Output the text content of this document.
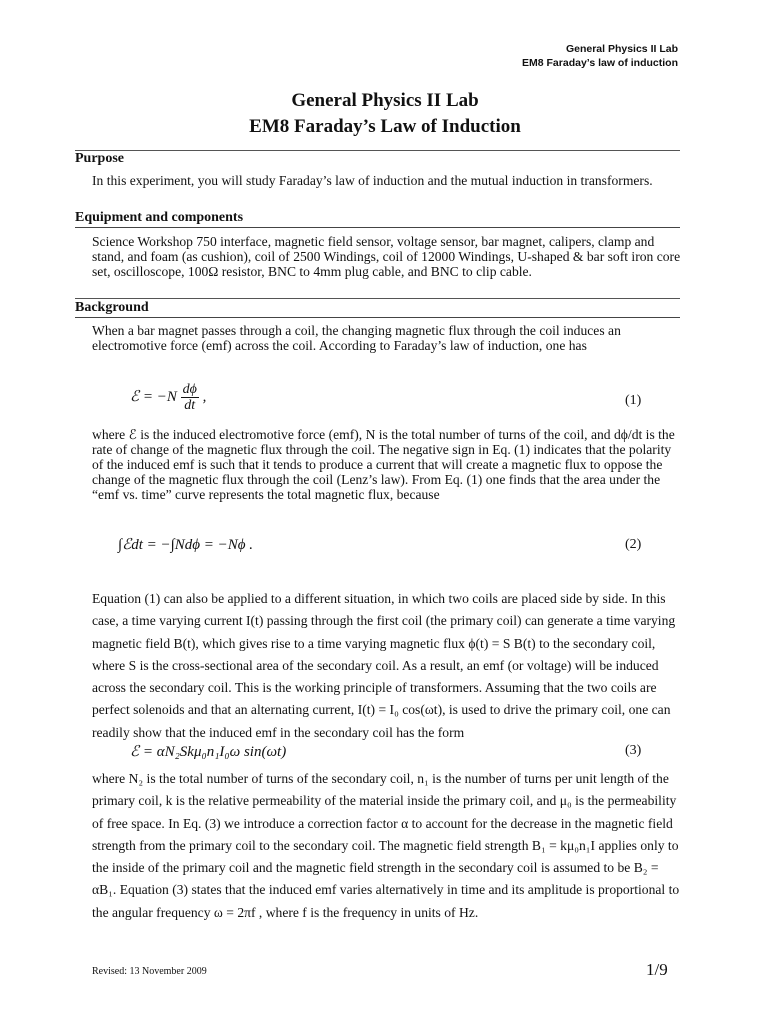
General Physics II Lab
EM8 Faraday’s law of induction
General Physics II Lab
EM8 Faraday’s Law of Induction
Purpose
In this experiment, you will study Faraday’s law of induction and the mutual induction in transformers.
Equipment and components
Science Workshop 750 interface, magnetic field sensor, voltage sensor, bar magnet, calipers, clamp and stand, and foam (as cushion), coil of 2500 Windings, coil of 12000 Windings, U-shaped & bar soft iron core set, oscilloscope, 100Ω resistor, BNC to 4mm plug cable, and BNC to clip cable.
Background
When a bar magnet passes through a coil, the changing magnetic flux through the coil induces an electromotive force (emf) across the coil. According to Faraday’s law of induction, one has
ℰ = $-N \frac{d\phi}{dt}$ ,	(1)
where ℰ is the induced electromotive force (emf), N is the total number of turns of the coil, and dϕ/dt is the rate of change of the magnetic flux through the coil. The negative sign in Eq. (1) indicates that the polarity of the induced emf is such that it tends to produce a current that will create a magnetic flux to oppose the change of the magnetic flux through the coil (Lenz’s law). From Eq. (1) one finds that the area under the “emf vs. time” curve represents the total magnetic flux, because
∫ℰdt = −∫Ndϕ = −Nϕ .	(2)
Equation (1) can also be applied to a different situation, in which two coils are placed side by side. In this case, a time varying current I(t) passing through the first coil (the primary coil) can generate a time varying magnetic field B(t), which gives rise to a time varying magnetic flux ϕ(t) = S B(t) to the secondary coil, where S is the cross-sectional area of the secondary coil. As a result, an emf (or voltage) will be induced across the secondary coil. This is the working principle of transformers. Assuming that the two coils are perfect solenoids and that an alternating current, I(t) = I₀ cos(ωt), is used to drive the primary coil, one can readily show that the induced emf in the secondary coil has the form
ℰ = αN₂Skμ₀n₁I₀ω sin(ωt)	(3)
where N₂ is the total number of turns of the secondary coil, n₁ is the number of turns per unit length of the primary coil, k is the relative permeability of the material inside the primary coil, and μ₀ is the permeability of free space. In Eq. (3) we introduce a correction factor α to account for the decrease in the magnetic field strength from the primary coil to the secondary coil. The magnetic field strength B₁ = kμ₀n₁I applies only to the inside of the primary coil and the magnetic field strength in the secondary coil is assumed to be B₂ = αB₁. Equation (3) states that the induced emf varies alternatively in time and its amplitude is proportional to the angular frequency ω = 2πf , where f is the frequency in units of Hz.
Revised: 13 November 2009	1/9
